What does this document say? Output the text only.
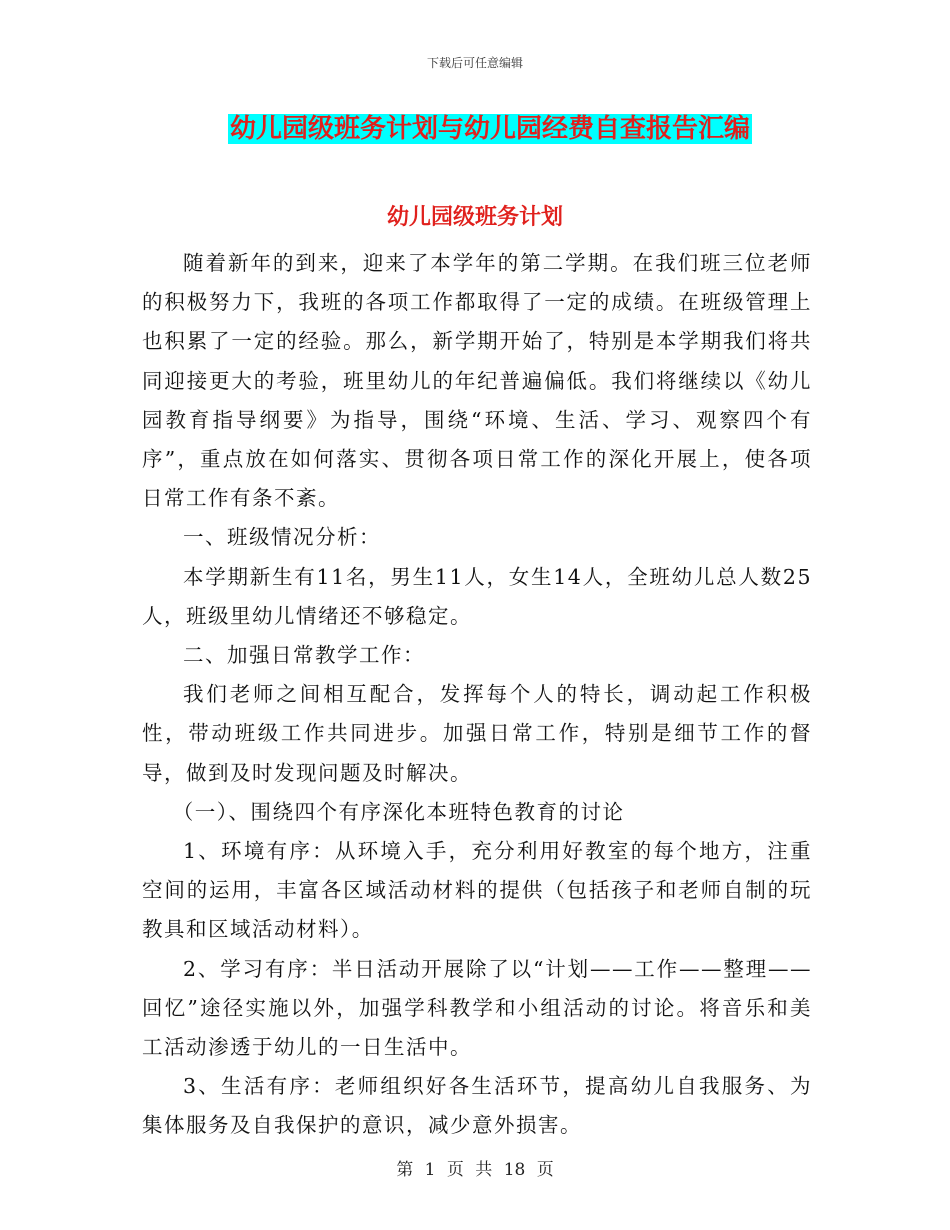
下载后可任意编辑
幼儿园级班务计划与幼儿园经费自查报告汇编
幼儿园级班务计划

随着新年的到来，迎来了本学年的第二学期。在我们班三位老师的积极努力下，我班的各项工作都取得了一定的成绩。在班级管理上也积累了一定的经验。那么，新学期开始了，特别是本学期我们将共同迎接更大的考验，班里幼儿的年纪普遍偏低。我们将继续以《幼儿园教育指导纲要》为指导，围绕“环境、生活、学习、观察四个有序”，重点放在如何落实、贯彻各项日常工作的深化开展上，使各项日常工作有条不紊。

一、班级情况分析：

本学期新生有11名，男生11人，女生14人，全班幼儿总人数25人，班级里幼儿情绪还不够稳定。

二、加强日常教学工作：

我们老师之间相互配合，发挥每个人的特长，调动起工作积极性，带动班级工作共同进步。加强日常工作，特别是细节工作的督导，做到及时发现问题及时解决。

（一）、围绕四个有序深化本班特色教育的讨论

1、环境有序：从环境入手，充分利用好教室的每个地方，注重空间的运用，丰富各区域活动材料的提供（包括孩子和老师自制的玩教具和区域活动材料）。

2、学习有序：半日活动开展除了以“计划——工作——整理——回忆”途径实施以外，加强学科教学和小组活动的讨论。将音乐和美工活动渗透于幼儿的一日生活中。

3、生活有序：老师组织好各生活环节，提高幼儿自我服务、为集体服务及自我保护的意识，减少意外损害。

第 1 页 共 18 页
